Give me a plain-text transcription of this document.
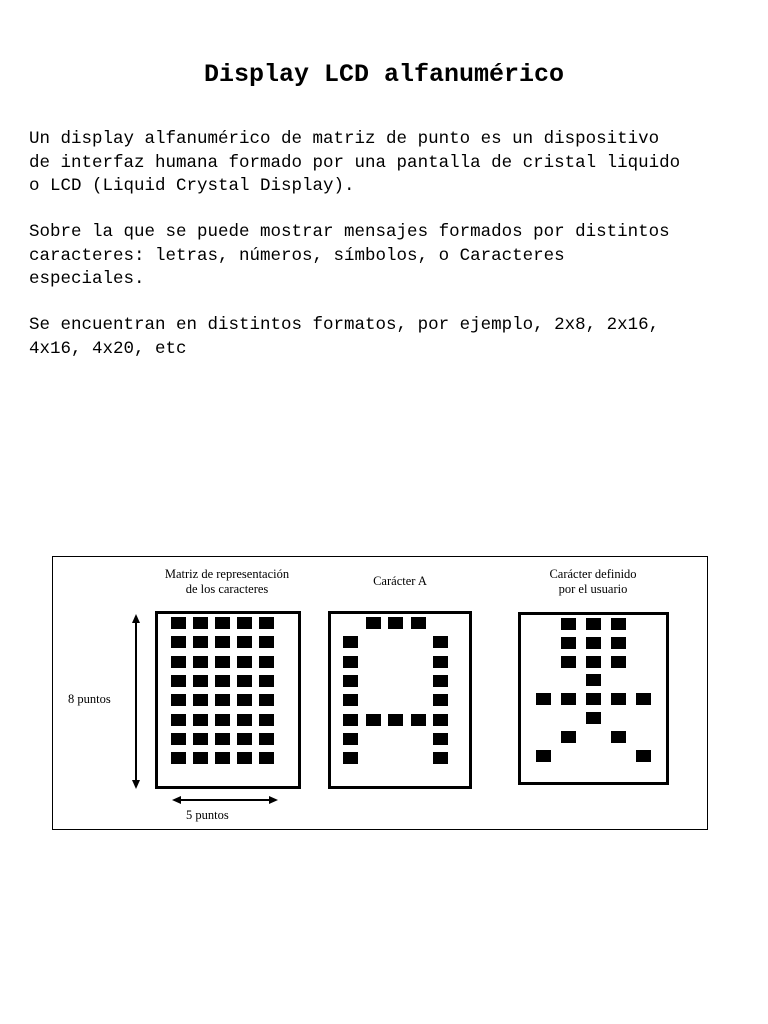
Display LCD alfanumérico

Un display alfanumérico de matriz de punto es un dispositivo
de interfaz humana formado por una pantalla de cristal liquido
o LCD (Liquid Crystal Display).

Sobre la que se puede mostrar mensajes formados por distintos
caracteres: letras, números, símbolos, o Caracteres
especiales.

Se encuentran en distintos formatos, por ejemplo, 2x8, 2x16,
4x16, 4x20, etc

Matriz de representación
de los caracteres
Carácter A	Carácter definido
por el usuario
8 puntos
5 puntos
